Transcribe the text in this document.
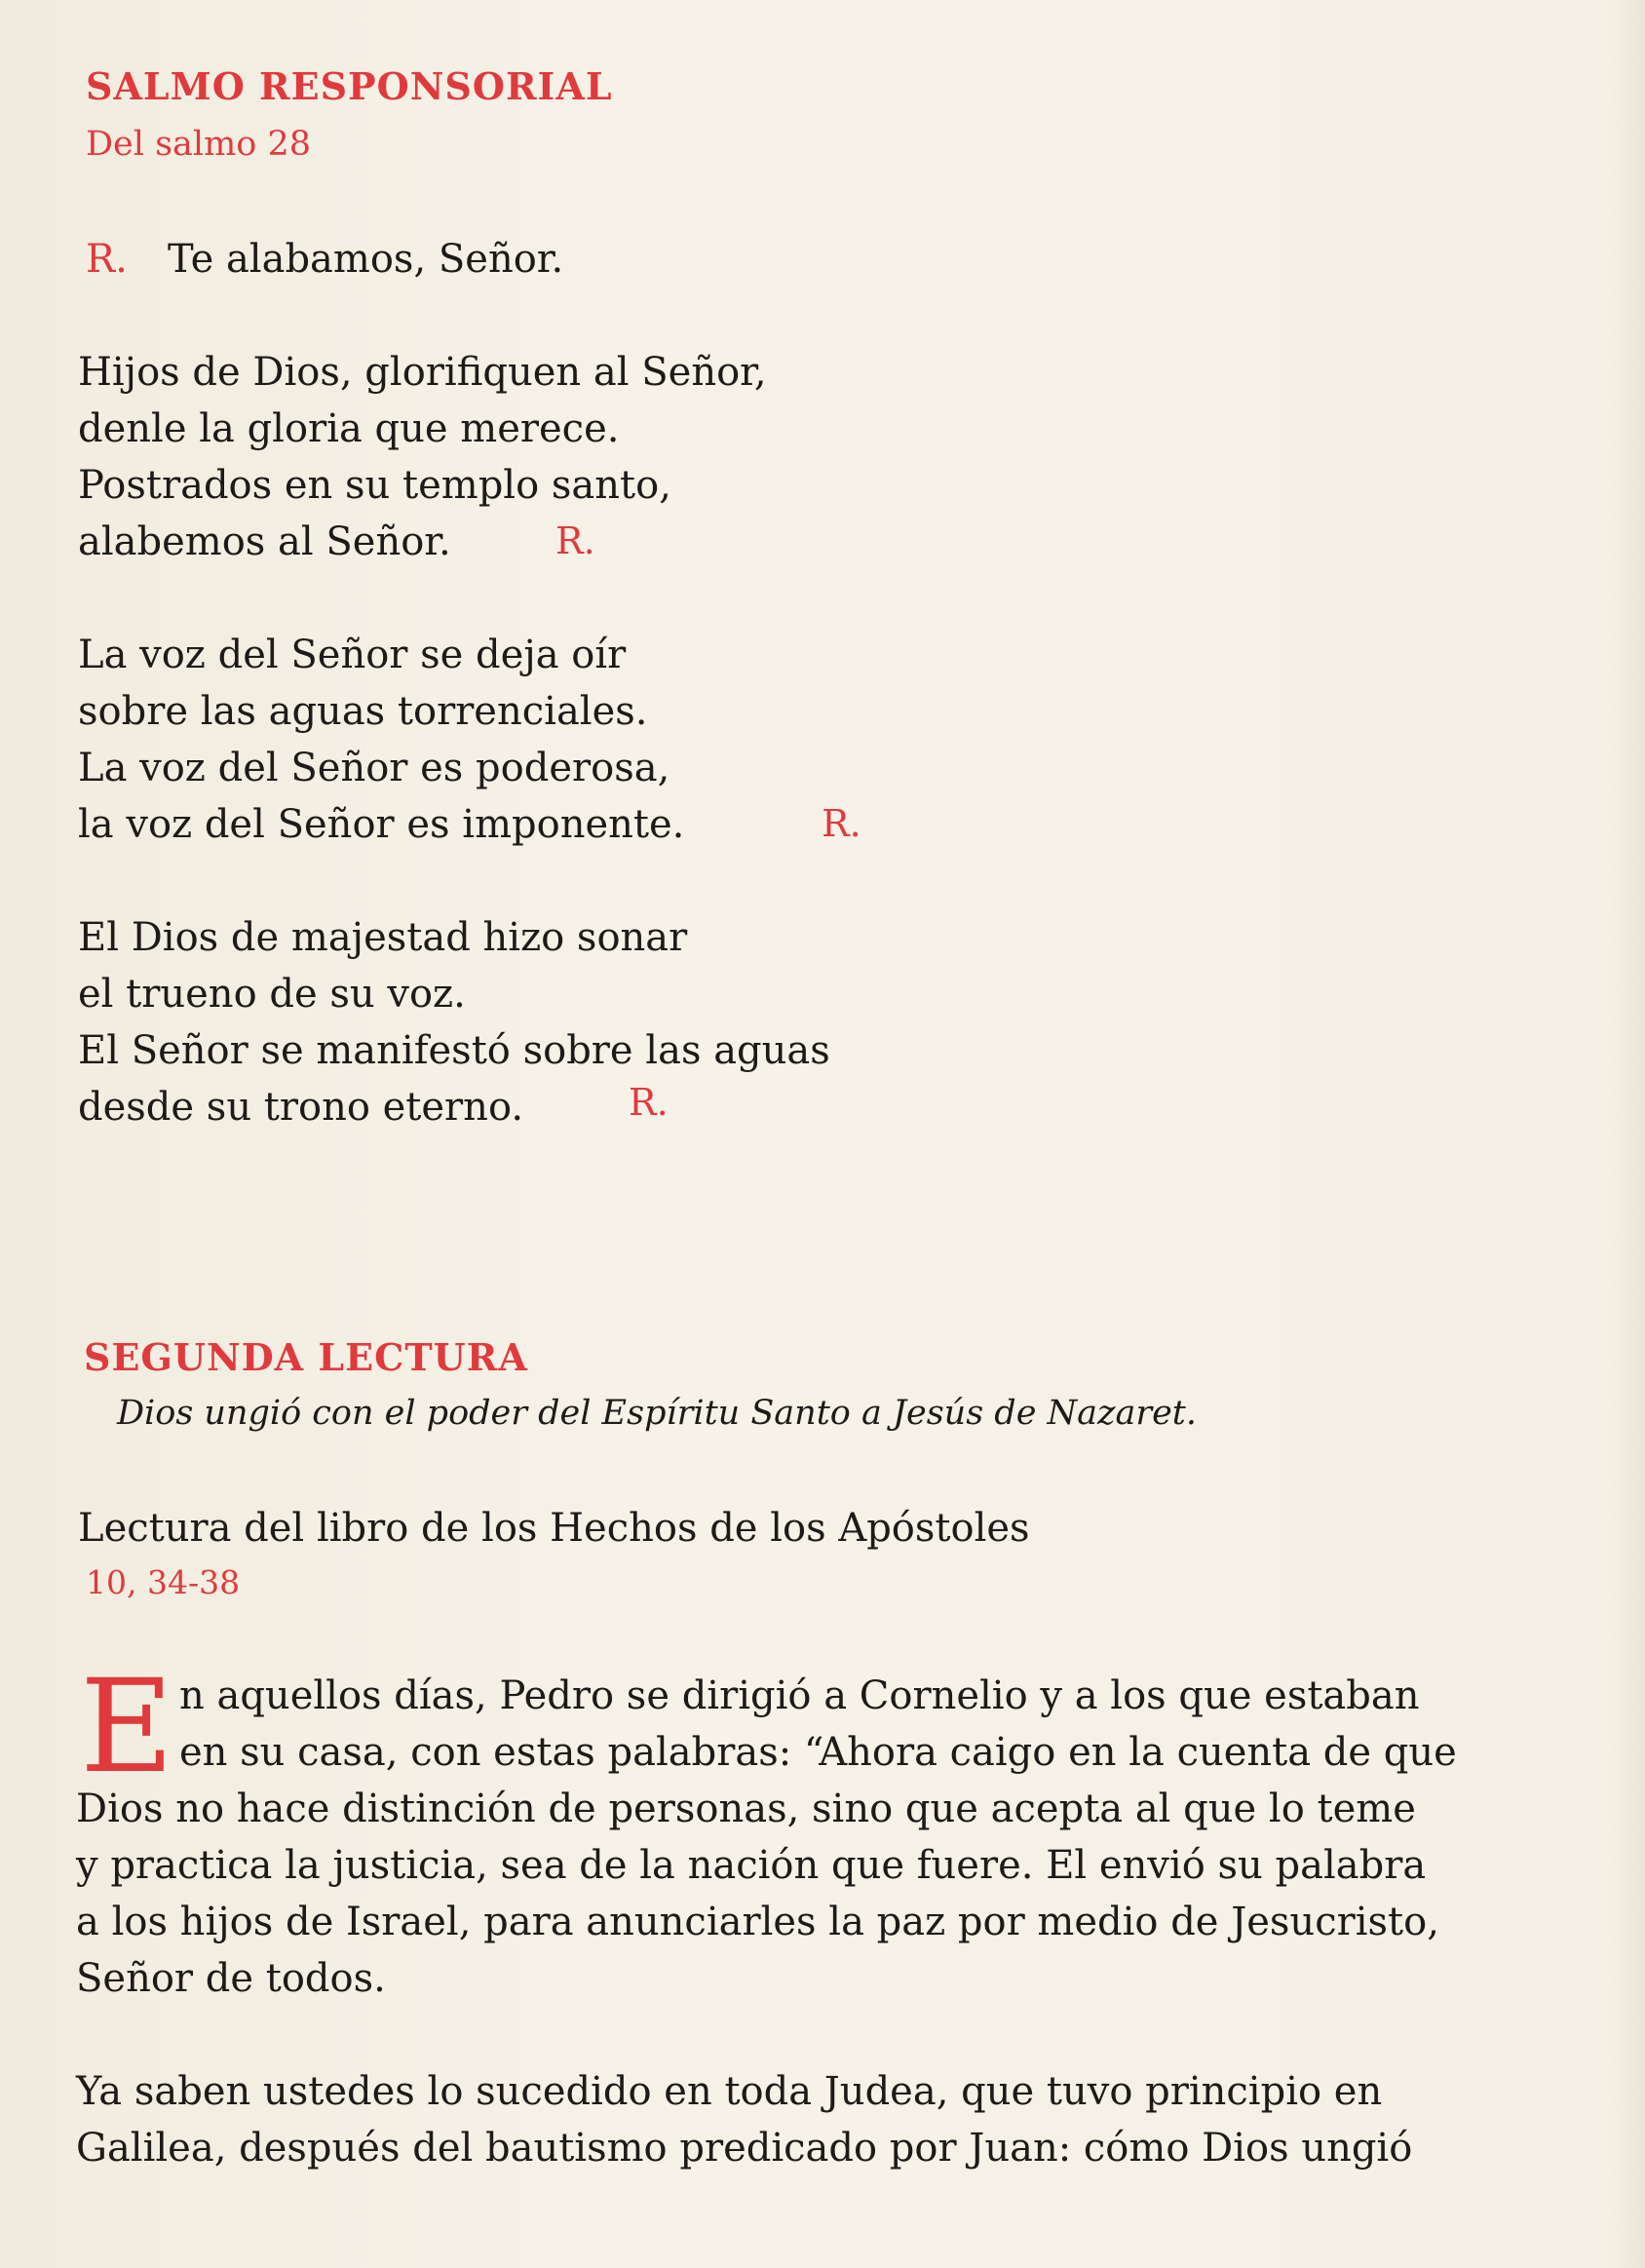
SALMO RESPONSORIAL
Del salmo 28
R. Te alabamos, Señor.
Hijos de Dios, glorifiquen al Señor,
denle la gloria que merece.
Postrados en su templo santo,
alabemos al Señor.	R.
La voz del Señor se deja oír
sobre las aguas torrenciales.
La voz del Señor es poderosa,
la voz del Señor es imponente.	R.
El Dios de majestad hizo sonar
el trueno de su voz.
El Señor se manifestó sobre las aguas
desde su trono eterno.	R.
SEGUNDA LECTURA
Dios ungió con el poder del Espíritu Santo a Jesús de Nazaret.
Lectura del libro de los Hechos de los Apóstoles
10, 34-38
E n aquellos días, Pedro se dirigió a Cornelio y a los que estaban
en su casa, con estas palabras: “Ahora caigo en la cuenta de que
Dios no hace distinción de personas, sino que acepta al que lo teme
y practica la justicia, sea de la nación que fuere. El envió su palabra
a los hijos de Israel, para anunciarles la paz por medio de Jesucristo,
Señor de todos.
Ya saben ustedes lo sucedido en toda Judea, que tuvo principio en
Galilea, después del bautismo predicado por Juan: cómo Dios ungió
